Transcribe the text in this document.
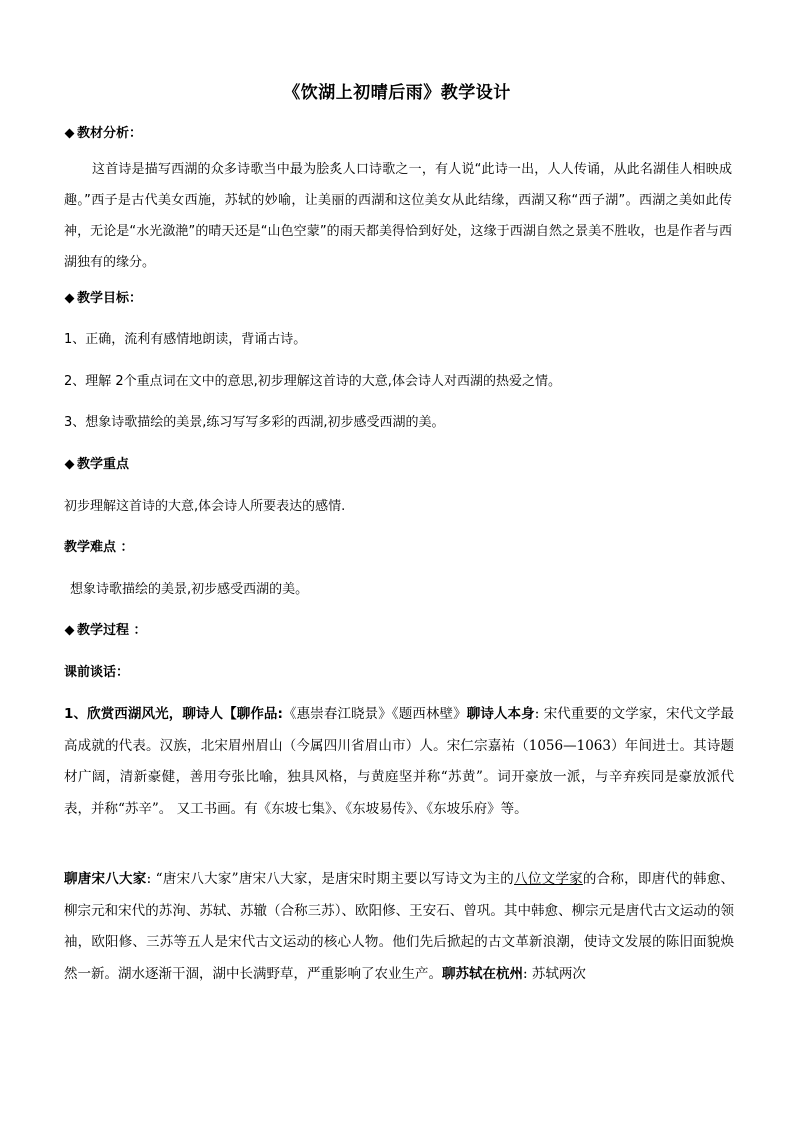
《饮湖上初晴后雨》教学设计
教材分析：
这首诗是描写西湖的众多诗歌当中最为脍炙人口诗歌之一，有人说“此诗一出，人人传诵，从此名湖佳人相映成趣。”西子是古代美女西施，苏轼的妙喻，让美丽的西湖和这位美女从此结缘，西湖又称“西子湖”。西湖之美如此传神，无论是“水光潋滟”的晴天还是“山色空蒙”的雨天都美得恰到好处，这缘于西湖自然之景美不胜收，也是作者与西湖独有的缘分。
教学目标：
1、正确，流利有感情地朗读，背诵古诗。
2、理解 2个重点词在文中的意思,初步理解这首诗的大意,体会诗人对西湖的热爱之情。
3、想象诗歌描绘的美景,练习写写多彩的西湖,初步感受西湖的美。
教学重点
初步理解这首诗的大意,体会诗人所要表达的感情.
教学难点 ：
想象诗歌描绘的美景,初步感受西湖的美。
教学过程 ：
课前谈话：
1、欣赏西湖风光，聊诗人【聊作品:《惠崇春江晓景》《题西林壁》聊诗人本身: 宋代重要的文学家，宋代文学最高成就的代表。汉族，北宋眉州眉山（今属四川省眉山市）人。宋仁宗嘉祐（1056—1063）年间进士。其诗题材广阔，清新豪健，善用夸张比喻，独具风格，与黄庭坚并称“苏黄”。词开豪放一派，与辛弃疾同是豪放派代表，并称“苏辛”。 又工书画。有《东坡七集》、《东坡易传》、《东坡乐府》等。
聊唐宋八大家: “唐宋八大家”唐宋八大家，是唐宋时期主要以写诗文为主的八位文学家的合称，即唐代的韩愈、柳宗元和宋代的苏洵、苏轼、苏辙（合称三苏）、欧阳修、王安石、曾巩。其中韩愈、柳宗元是唐代古文运动的领袖，欧阳修、三苏等五人是宋代古文运动的核心人物。他们先后掀起的古文革新浪潮，使诗文发展的陈旧面貌焕然一新。湖水逐渐干涸，湖中长满野草，严重影响了农业生产。聊苏轼在杭州: 苏轼两次
